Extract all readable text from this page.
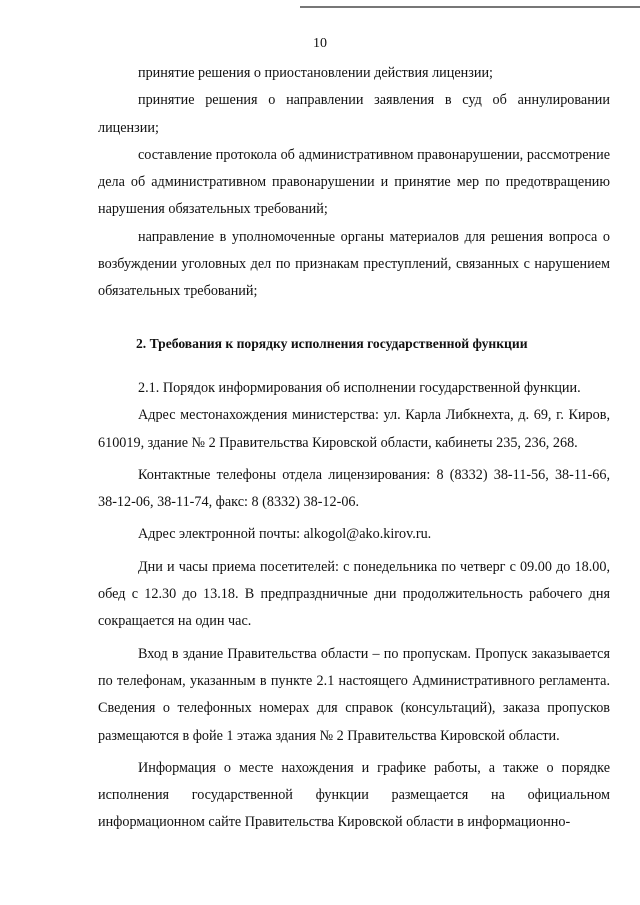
10

принятие решения о приостановлении действия лицензии;

принятие решения о направлении заявления в суд об аннулировании лицензии;

составление протокола об административном правонарушении, рассмотрение дела об административном правонарушении и принятие мер по предотвращению нарушения обязательных требований;

направление в уполномоченные органы материалов для решения вопроса о возбуждении уголовных дел по признакам преступлений, связанных с нарушением обязательных требований;

2. Требования к порядку исполнения государственной функции

2.1. Порядок информирования об исполнении государственной функции.

Адрес местонахождения министерства: ул. Карла Либкнехта, д. 69, г. Киров, 610019, здание № 2 Правительства Кировской области, кабинеты 235, 236, 268.

Контактные телефоны отдела лицензирования: 8 (8332) 38-11-56, 38-11-66, 38-12-06, 38-11-74, факс: 8 (8332) 38-12-06.

Адрес электронной почты: alkogol@ako.kirov.ru.

Дни и часы приема посетителей: с понедельника по четверг с 09.00 до 18.00, обед с 12.30 до 13.18. В предпраздничные дни продолжительность рабочего дня сокращается на один час.

Вход в здание Правительства области – по пропускам. Пропуск заказывается по телефонам, указанным в пункте 2.1 настоящего Административного регламента. Сведения о телефонных номерах для справок (консультаций), заказа пропусков размещаются в фойе 1 этажа здания № 2 Правительства Кировской области.

Информация о месте нахождения и графике работы, а также о порядке исполнения государственной функции размещается на официальном информационном сайте Правительства Кировской области в информационно-
